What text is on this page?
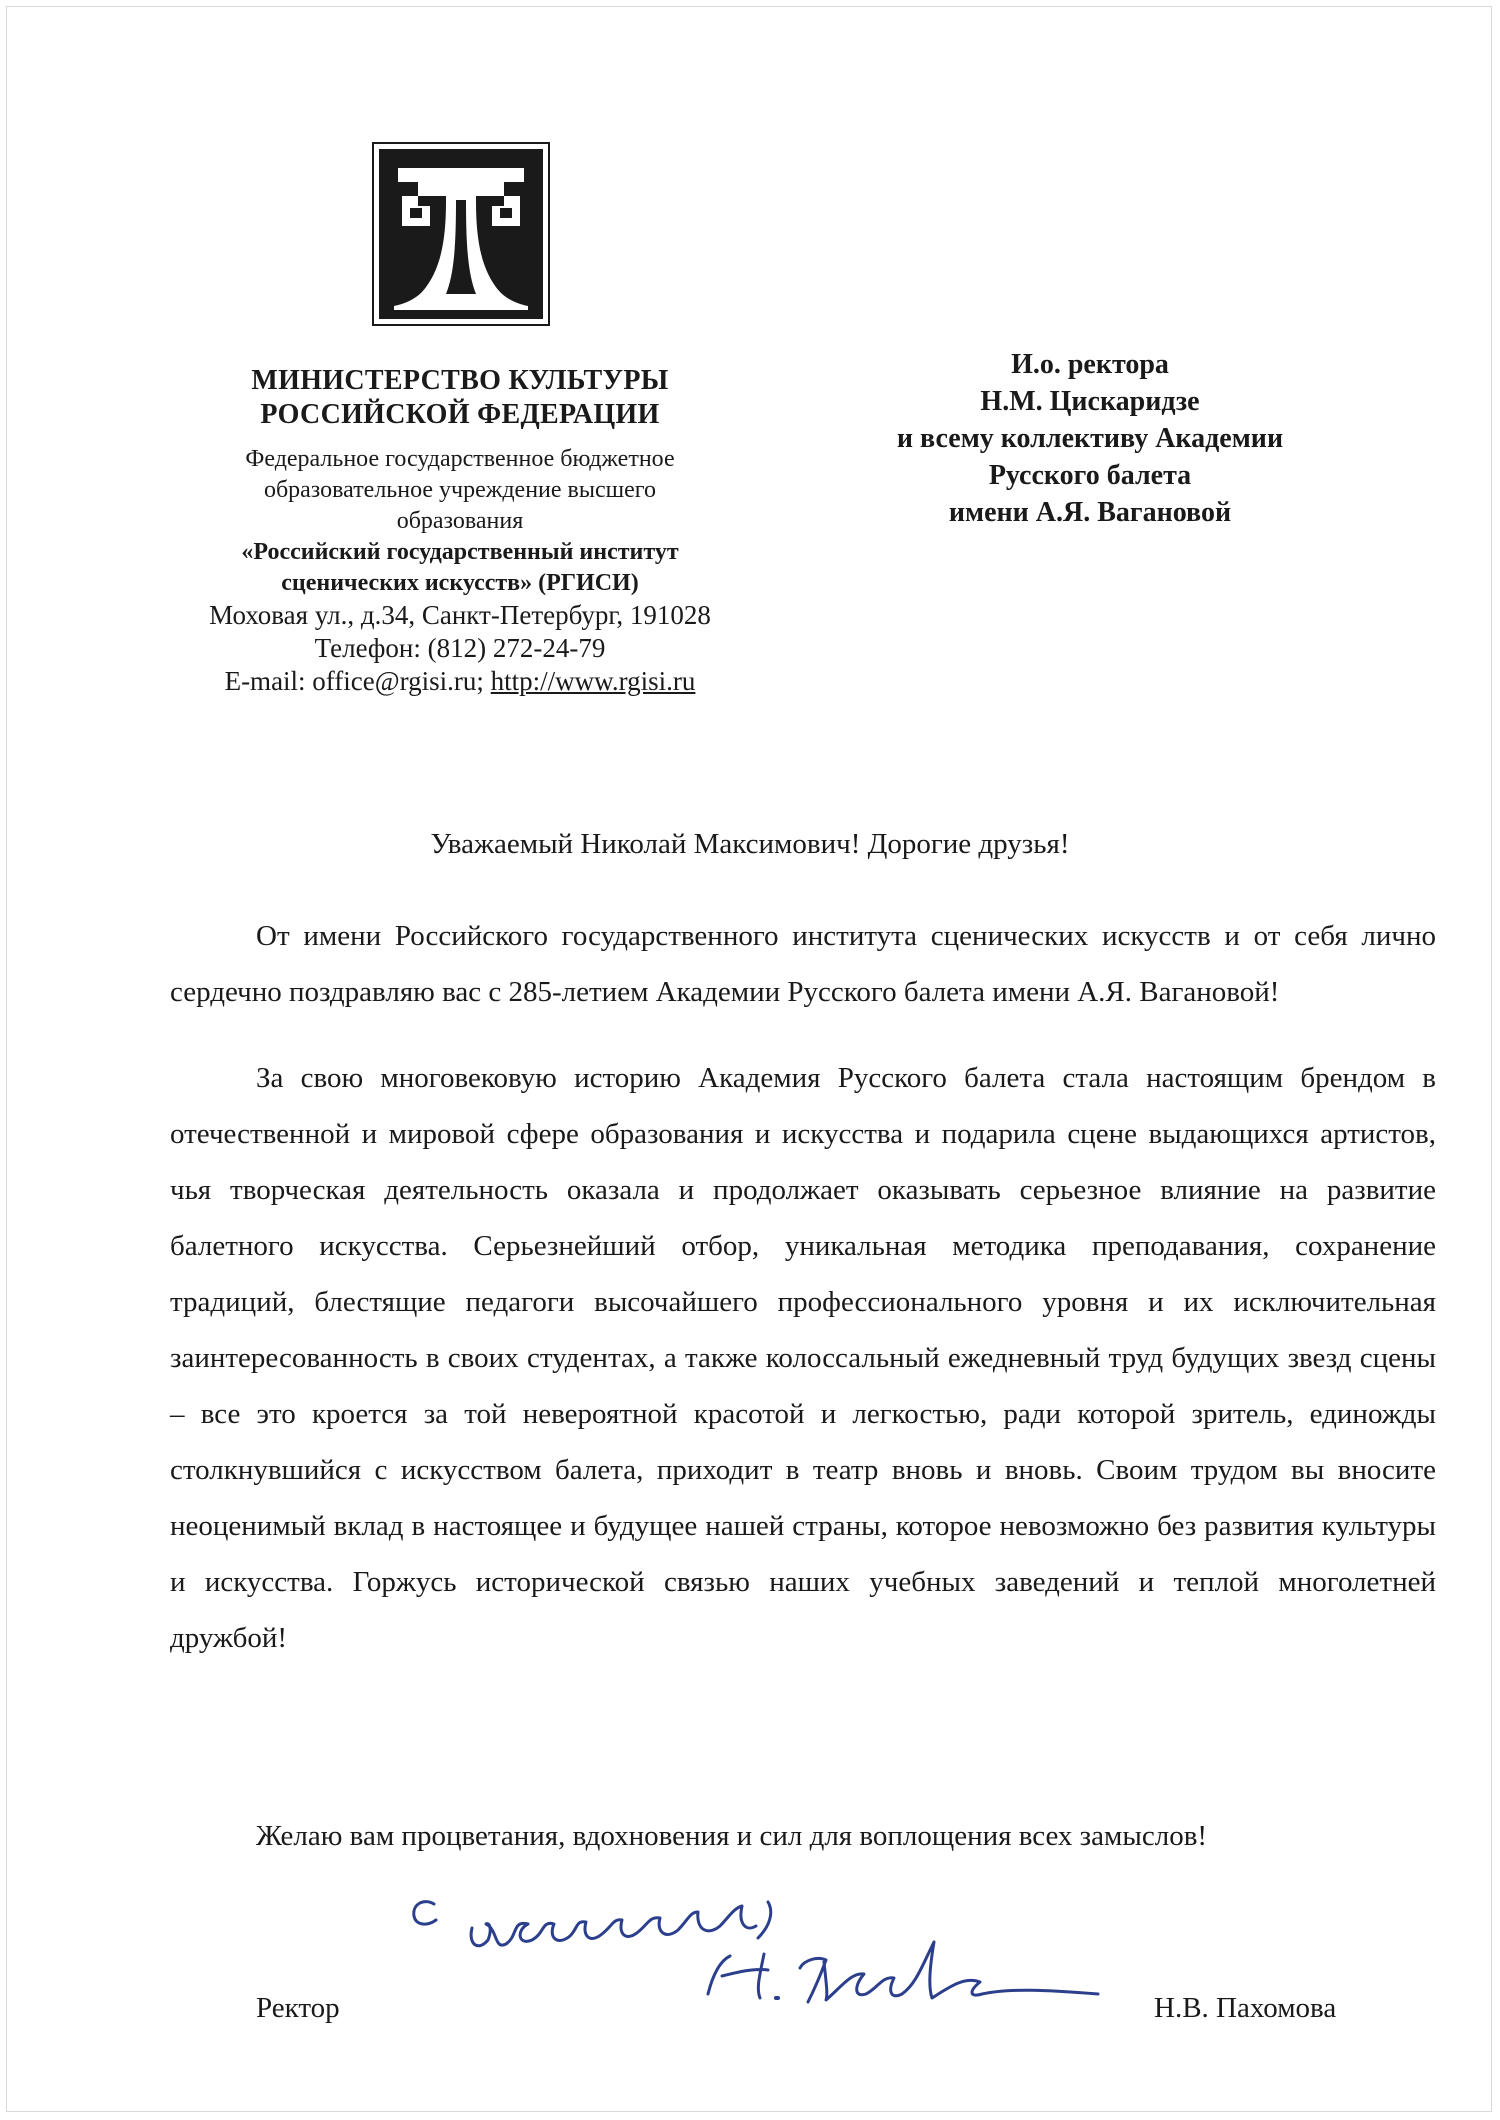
МИНИСТЕРСТВО КУЛЬТУРЫ
РОССИЙСКОЙ ФЕДЕРАЦИИ
Федеральное государственное бюджетное
образовательное учреждение высшего
образования
«Российский государственный институт
сценических искусств» (РГИСИ)
Моховая ул., д.34, Санкт-Петербург, 191028
Телефон: (812) 272-24-79
E-mail: office@rgisi.ru; http://www.rgisi.ru
И.о. ректора
Н.М. Цискаридзе
и всему коллективу Академии
Русского балета
имени А.Я. Вагановой
Уважаемый Николай Максимович! Дорогие друзья!

От имени Российского государственного института сценических искусств и от себя лично сердечно поздравляю вас с 285-летием Академии Русского балета имени А.Я. Вагановой!

За свою многовековую историю Академия Русского балета стала настоящим брендом в отечественной и мировой сфере образования и искусства и подарила сцене выдающихся артистов, чья творческая деятельность оказала и продолжает оказывать серьезное влияние на развитие балетного искусства. Серьезнейший отбор, уникальная методика преподавания, сохранение традиций, блестящие педагоги высочайшего профессионального уровня и их исключительная заинтересованность в своих студентах, а также колоссальный ежедневный труд будущих звезд сцены – все это кроется за той невероятной красотой и легкостью, ради которой зритель, единожды столкнувшийся с искусством балета, приходит в театр вновь и вновь. Своим трудом вы вносите неоценимый вклад в настоящее и будущее нашей страны, которое невозможно без развития культуры и искусства. Горжусь исторической связью наших учебных заведений и теплой многолетней дружбой!

Желаю вам процветания, вдохновения и сил для воплощения всех замыслов!
Ректор	Н.В. Пахомова
